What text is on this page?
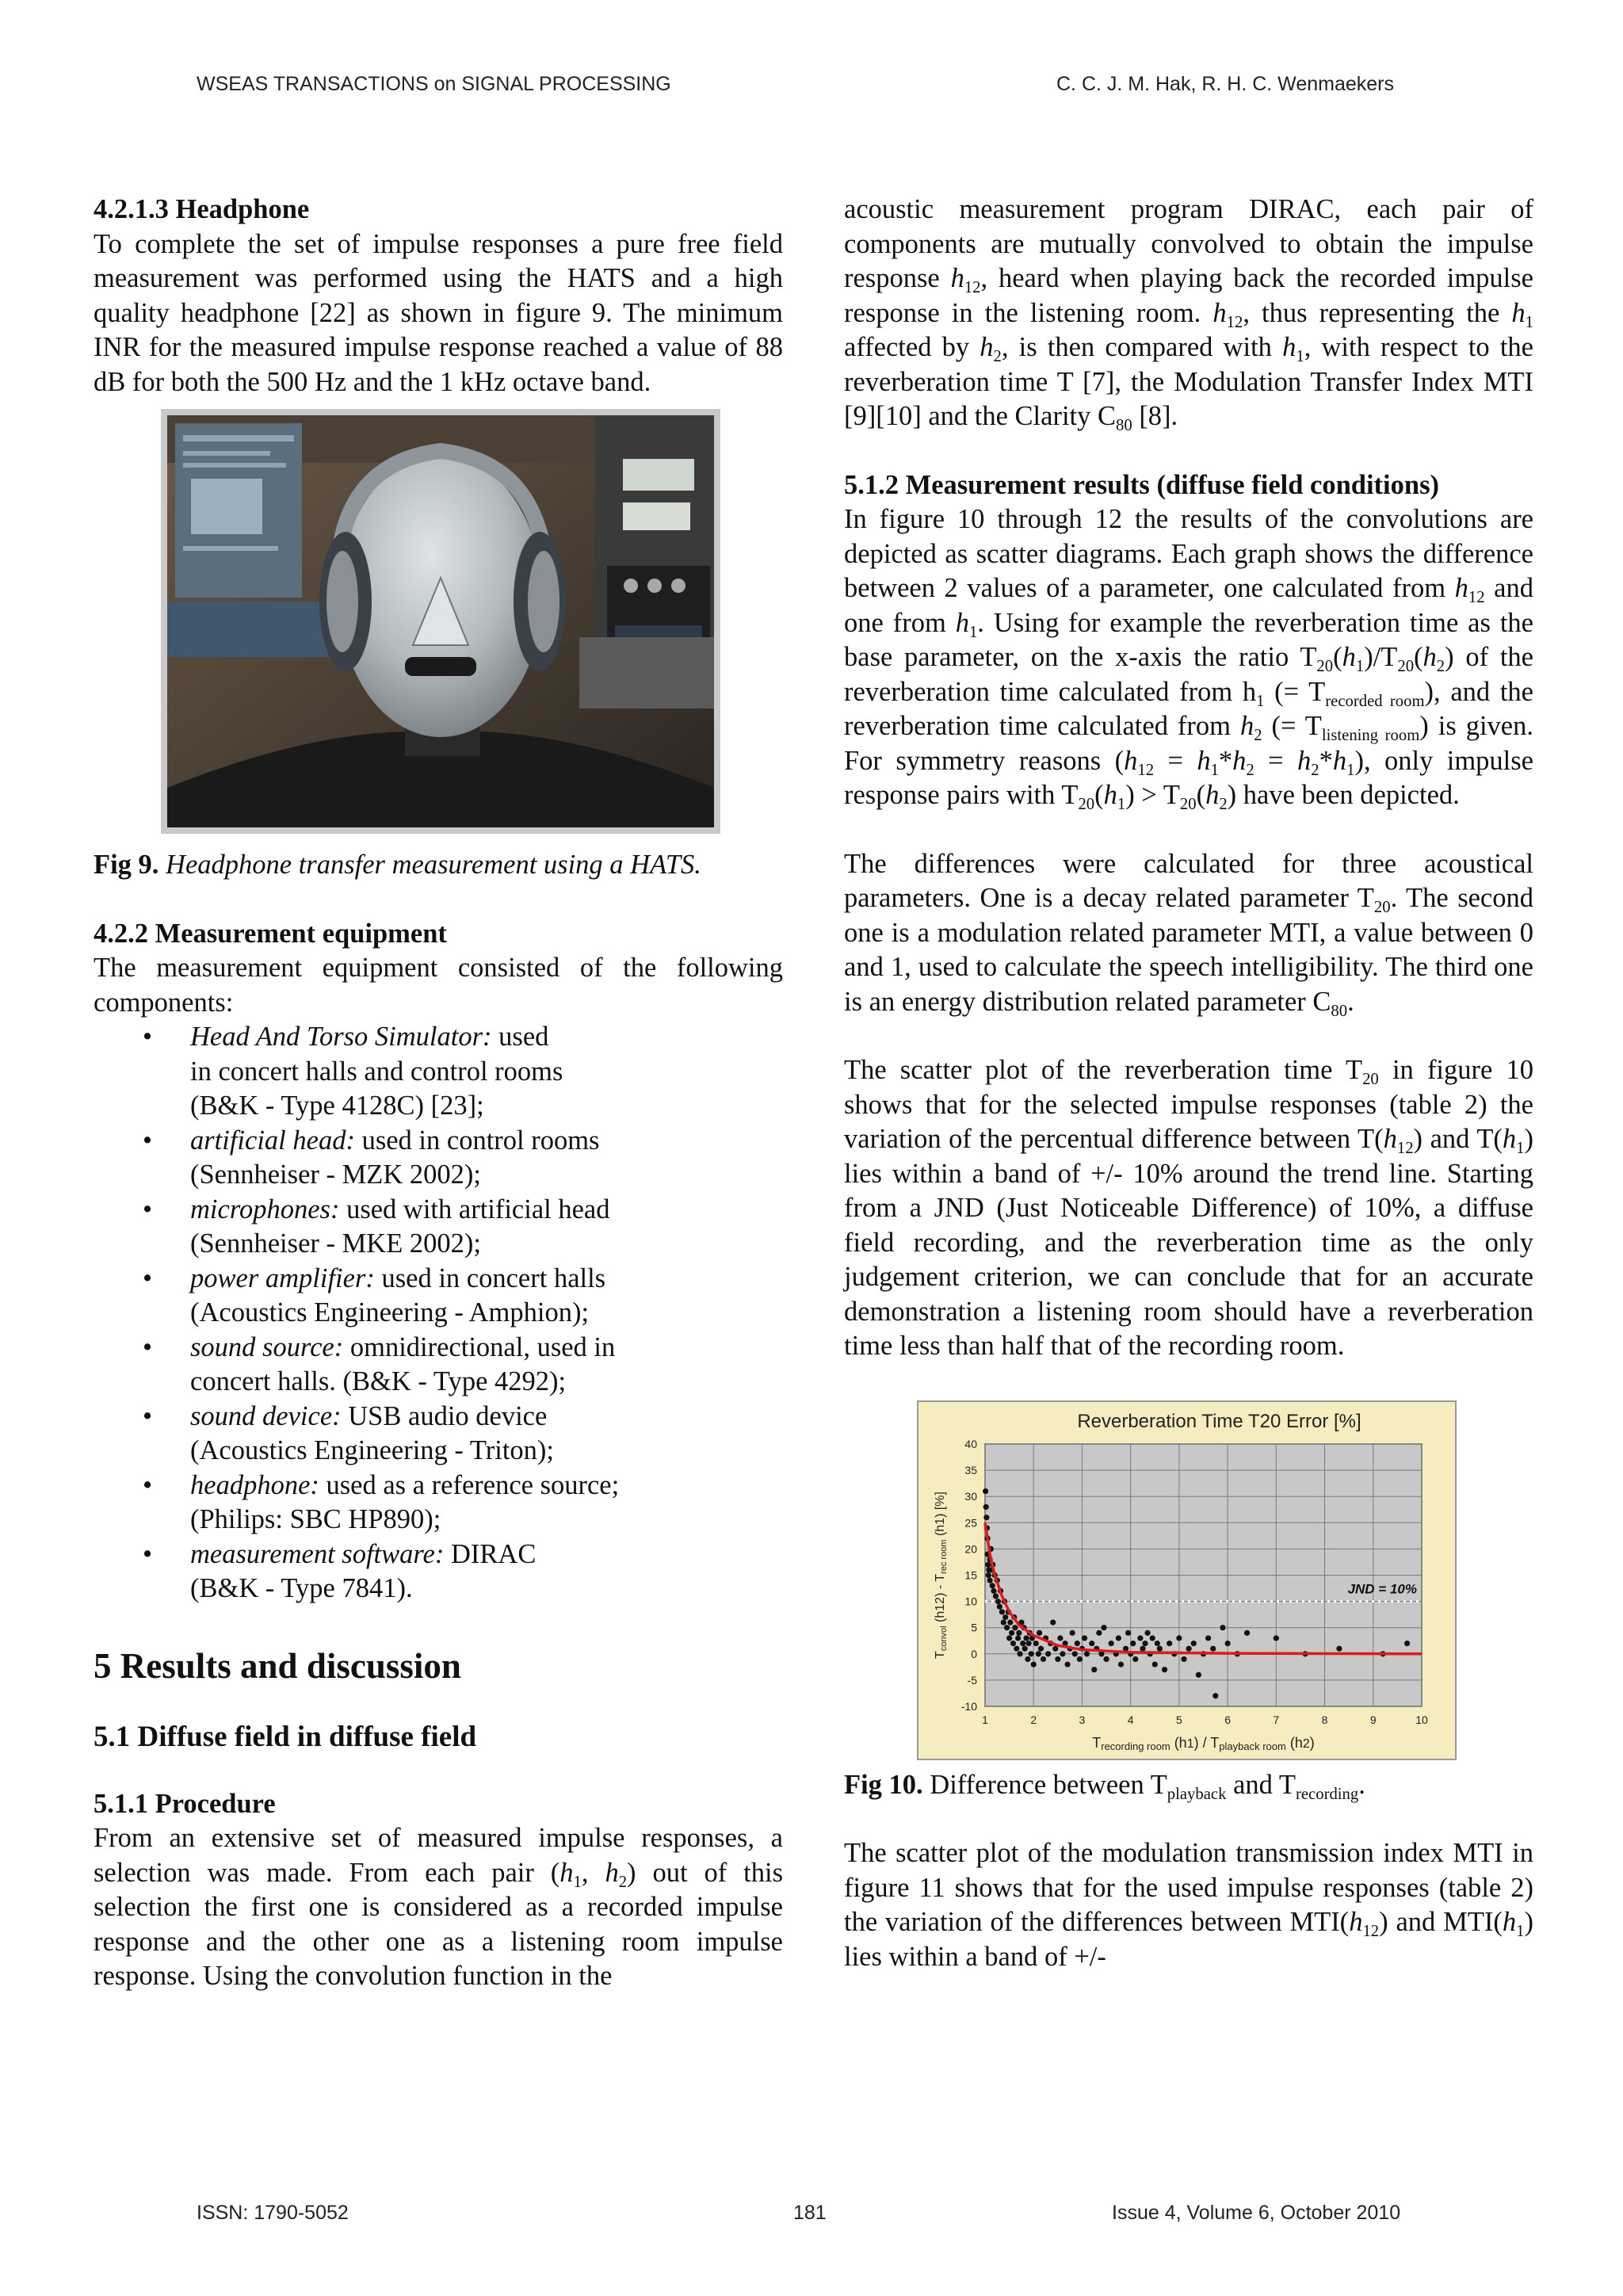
WSEAS TRANSACTIONS on SIGNAL PROCESSING	C. C. J. M. Hak, R. H. C. Wenmaekers

4.2.1.3 Headphone

To complete the set of impulse responses a pure free field measurement was performed using the HATS and a high quality headphone [22] as shown in figure 9. The minimum INR for the measured impulse response reached a value of 88 dB for both the 500 Hz and the 1 kHz octave band.

Fig 9. Headphone transfer measurement using a HATS.

4.2.2 Measurement equipment

The measurement equipment consisted of the following components:

• Head And Torso Simulator: used
in concert halls and control rooms
(B&K - Type 4128C) [23];
• artificial head: used in control rooms
(Sennheiser - MZK 2002);
• microphones: used with artificial head
(Sennheiser - MKE 2002);
• power amplifier: used in concert halls
(Acoustics Engineering - Amphion);
• sound source: omnidirectional, used in
concert halls. (B&K - Type 4292);
• sound device: USB audio device
(Acoustics Engineering - Triton);
• headphone: used as a reference source;
(Philips: SBC HP890);
• measurement software: DIRAC
(B&K - Type 7841).

5 Results and discussion

5.1 Diffuse field in diffuse field

5.1.1 Procedure

From an extensive set of measured impulse responses, a selection was made. From each pair ($h_1$, $h_2$) out of this selection the first one is considered as a recorded impulse response and the other one as a listening room impulse response. Using the convolution function in the

acoustic measurement program DIRAC, each pair of components are mutually convolved to obtain the impulse response $h_{12}$, heard when playing back the recorded impulse response in the listening room. $h_{12}$, thus representing the $h_1$ affected by $h_2$, is then compared with $h_1$, with respect to the reverberation time T [7], the Modulation Transfer Index MTI [9][10] and the Clarity $C_{80}$ [8].

5.1.2 Measurement results (diffuse field conditions)

In figure 10 through 12 the results of the convolutions are depicted as scatter diagrams. Each graph shows the difference between 2 values of a parameter, one calculated from $h_{12}$ and one from $h_1$. Using for example the reverberation time as the base parameter, on the x-axis the ratio $T_{20}(h_1)/T_{20}(h_2)$ of the reverberation time calculated from $h_1$ (= $T_{recorded room}$), and the reverberation time calculated from $h_2$ (= $T_{listening room}$) is given. For symmetry reasons $(h_{12} = h_1*h_2 = h_2*h_1)$, only impulse response pairs with $T_{20}(h_1) > T_{20}(h_2)$ have been depicted.

The differences were calculated for three acoustical parameters. One is a decay related parameter $T_{20}$. The second one is a modulation related parameter MTI, a value between 0 and 1, used to calculate the speech intelligibility. The third one is an energy distribution related parameter $C_{80}$.

The scatter plot of the reverberation time $T_{20}$ in figure 10 shows that for the selected impulse responses (table 2) the variation of the percentual difference between $T(h_{12})$ and $T(h_1)$ lies within a band of +/- 10% around the trend line. Starting from a JND (Just Noticeable Difference) of 10%, a diffuse field recording, and the reverberation time as the only judgement criterion, we can conclude that for an accurate demonstration a listening room should have a reverberation time less than half that of the recording room.

1	2	3	4	5	6	7	8	9	10
40
35
30
25
20
15
10
5
0
-5
-10
JND = 10%
Reverberation Time T20 Error [%]
Trecording room (h1) / Tplayback room (h2)
Tconvol (h12) - Trec room (h1) [%]

Fig 10. Difference between $T_{playback}$ and $T_{recording}$.

The scatter plot of the modulation transmission index MTI in figure 11 shows that for the used impulse responses (table 2) the variation of the differences between $MTI(h_{12})$ and $MTI(h_1)$ lies within a band of +/-

ISSN: 1790-5052	181	Issue 4, Volume 6, October 2010
